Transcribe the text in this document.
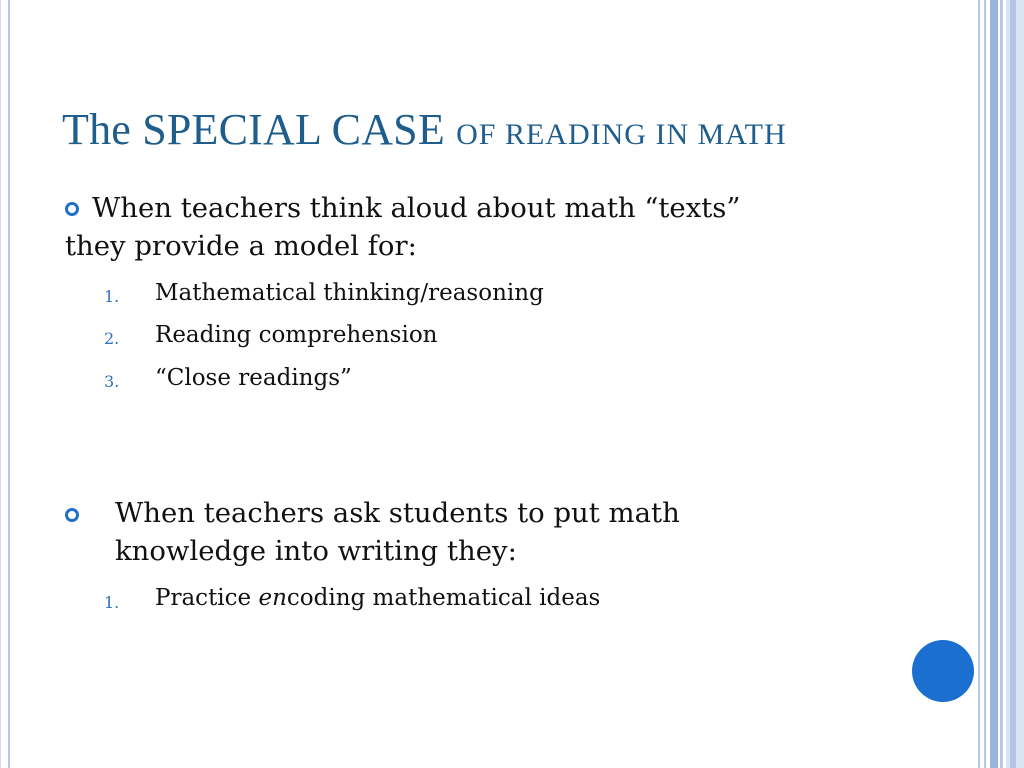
The SPECIAL CASE OF READING IN MATH
When teachers think aloud about math “texts”
they provide a model for:
1. Mathematical thinking/reasoning
2. Reading comprehension
3. “Close readings”
When teachers ask students to put math
knowledge into writing they:
1. Practice encoding mathematical ideas
